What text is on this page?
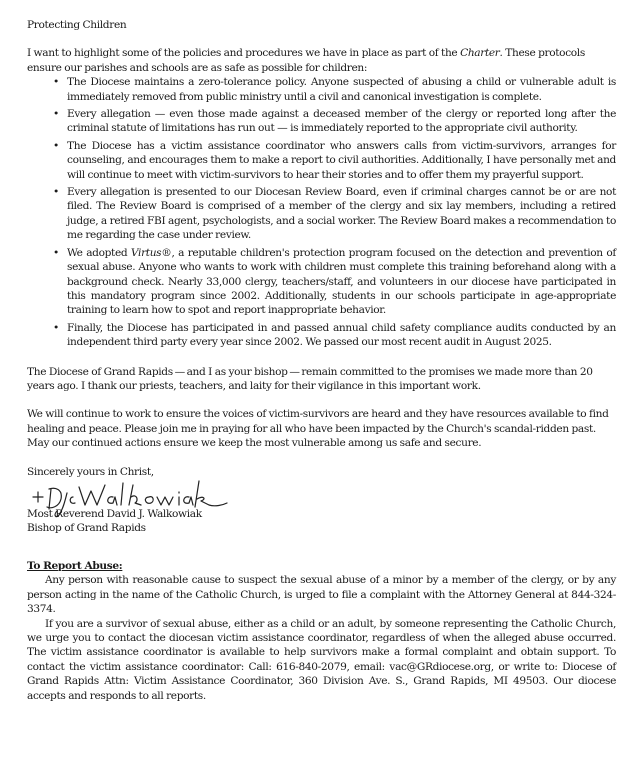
Protecting Children

I want to highlight some of the policies and procedures we have in place as part of the Charter. These protocols ensure our parishes and schools are as safe as possible for children:

• The Diocese maintains a zero-tolerance policy. Anyone suspected of abusing a child or vulnerable adult is immediately removed from public ministry until a civil and canonical investigation is complete.
• Every allegation — even those made against a deceased member of the clergy or reported long after the criminal statute of limitations has run out — is immediately reported to the appropriate civil authority.
• The Diocese has a victim assistance coordinator who answers calls from victim-survivors, arranges for counseling, and encourages them to make a report to civil authorities. Additionally, I have personally met and will continue to meet with victim-survivors to hear their stories and to offer them my prayerful support.
• Every allegation is presented to our Diocesan Review Board, even if criminal charges cannot be or are not filed. The Review Board is comprised of a member of the clergy and six lay members, including a retired judge, a retired FBI agent, psychologists, and a social worker. The Review Board makes a recommendation to me regarding the case under review.
• We adopted Virtus®, a reputable children's protection program focused on the detection and prevention of sexual abuse. Anyone who wants to work with children must complete this training beforehand along with a background check. Nearly 33,000 clergy, teachers/staff, and volunteers in our diocese have participated in this mandatory program since 2002. Additionally, students in our schools participate in age-appropriate training to learn how to spot and report inappropriate behavior.
• Finally, the Diocese has participated in and passed annual child safety compliance audits conducted by an independent third party every year since 2002. We passed our most recent audit in August 2025.

The Diocese of Grand Rapids — and I as your bishop — remain committed to the promises we made more than 20 years ago. I thank our priests, teachers, and laity for their vigilance in this important work.

We will continue to work to ensure the voices of victim-survivors are heard and they have resources available to find healing and peace. Please join me in praying for all who have been impacted by the Church's scandal-ridden past. May our continued actions ensure we keep the most vulnerable among us safe and secure.

Sincerely yours in Christ,

Most Reverend David J. Walkowiak
Bishop of Grand Rapids

To Report Abuse:

Any person with reasonable cause to suspect the sexual abuse of a minor by a member of the clergy, or by any person acting in the name of the Catholic Church, is urged to file a complaint with the Attorney General at 844-324-3374.

If you are a survivor of sexual abuse, either as a child or an adult, by someone representing the Catholic Church, we urge you to contact the diocesan victim assistance coordinator, regardless of when the alleged abuse occurred. The victim assistance coordinator is available to help survivors make a formal complaint and obtain support. To contact the victim assistance coordinator: Call: 616-840-2079, email: vac@GRdiocese.org, or write to: Diocese of Grand Rapids Attn: Victim Assistance Coordinator, 360 Division Ave. S., Grand Rapids, MI 49503. Our diocese accepts and responds to all reports.
